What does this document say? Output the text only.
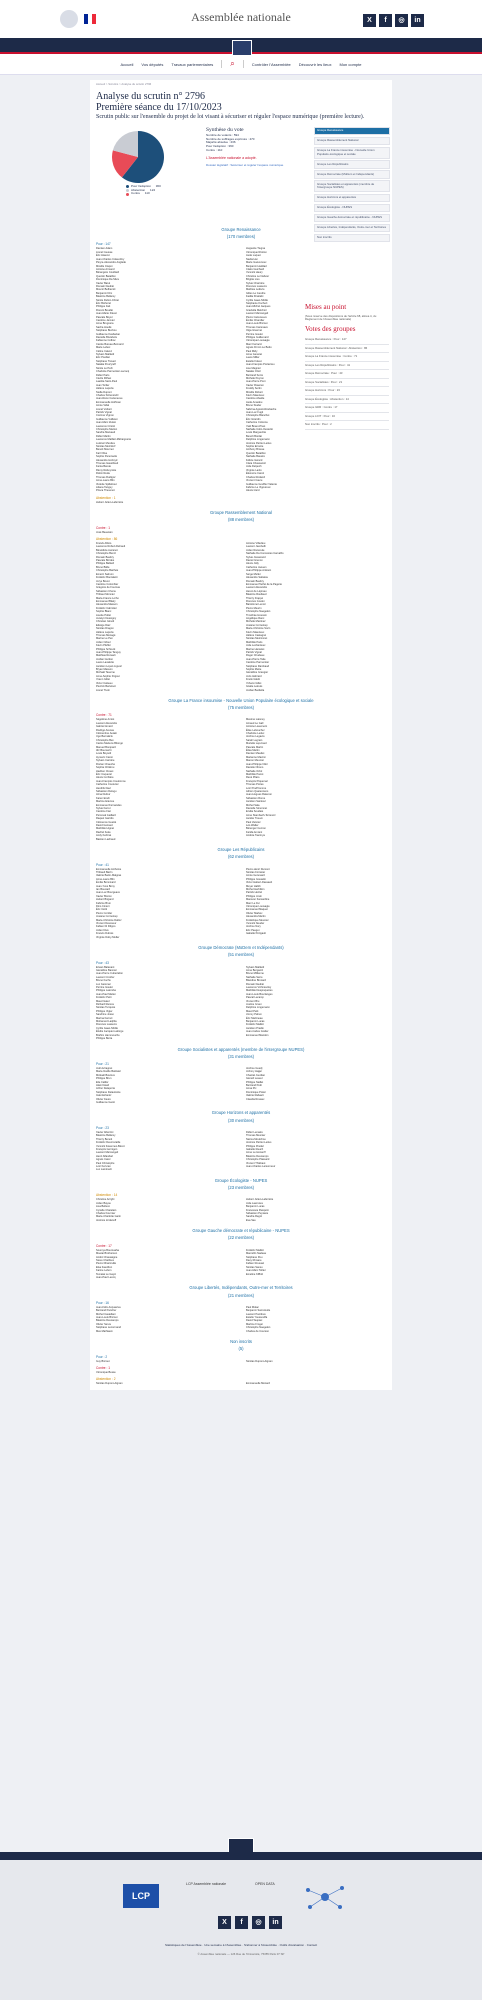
Assemblée nationale	X	f	◎	in
Accueil Vos députés Travaux parlementaires ⌕	Contrôler l'Assemblée Découvrir les lieux Mon compte
Accueil > Scrutins > Analyse du scrutin 2796
Analyse du scrutin n° 2796
Première séance du 17/10/2023
Scrutin public sur l'ensemble du projet de loi visant à sécuriser et réguler l'espace numérique (première lecture).
Pour l'adoption
360
Abstention
124
Contre
110
Synthèse du vote
Nombre de votants : 594
Nombre de suffrages exprimés : 470
Majorité absolue : 236
Pour l'adoption : 360
Contre : 110
L'Assemblée nationale a adopté.
Dossier législatif : Sécuriser et réguler l'espace numérique
Groupe Renaissance
Groupe Rassemblement National
Groupe La France insoumise - Nouvelle Union Populaire écologique et sociale
Groupe Les Républicains
Groupe Démocrate (MoDem et Indépendants)
Groupe Socialistes et apparentés (membre de l'intergroupe NUPES)
Groupe Horizons et apparentés
Groupe Écologiste - NUPES
Groupe Gauche démocrate et républicaine - NUPES
Groupe Libertés, Indépendants, Outre-mer et Territoires
Non inscrits
Groupe Renaissance
(170 membres)
Pour : 147
Damien Adam
Lionel Causse
Éric Alauzet
Jean-Charles Colas-Roy
Pieyre-Alexandre Anglade
Mireille Clapot
Antoine Armand
Bérangère Couillard
Quentin Bataillon
Dominique Da Silva
Xavier Batut
Romain Daubié
Mounir Belhamiti
Benjamin Dirx
Béatrice Bellamy
Nicole Dubré-Chirat
Éric Bothorel
Philippe Fait
Florent Boudié
Jean-Marie Fiévet
Pascale Boyer
Caroline Janvier
Anne Brugnera
Sacha Houlié
Stéphane Buchou
Guillaume Kasbarian
Danielle Brulebois
Fabienne Colboc
Carole Bureau-Bonnard
Marie Lebec
Céline Calvez
Sylvain Maillard
Eric Poulliat
Stéphane Travert
Natalia Pouzyreff
Nicole Le Peih
Charlotte Parmentier-Lecocq
Didier Paris
Cécile Rilhac
Laetitia Saint-Paul
Jean Terlier
Hélène Laporte
Stella Dupont
Charles Sitzenstuhl
Jean-René Cazeneuve
Emmanuelle Hoffman
Annie Vidal
Lionel Vuibert
Patrick Vignal
Corinne Vignon
Guillaume Vuilletet
Jean-Marc Zulesi
Laurence Cristol
Christophe Marion
Sandra Marsaud
Didier Martin
Laurence Maillart-Méhaignerie
Ludovic Mendes
Nicolas Metzdorf
Benoit Mournet
Karl Olive
Sophie Panonacle
Alexandre Holroyd
Thomas Gassilloud
Fanta Berete
Rémy Rebeyrotte
Robin Reda
Thomas Rudigoz
Anne-Laure Blin
Violette Spillebout
Liliana Tanguy
Prisca Thevenot
Huguette Tiegna
Véronique Riotton
Aude Luquet
Nadia Hai
Marie Guévenoux
Benjamin Haddad
Claire Guichard
Yannick Haury
Christine Le Nabour
Brigitte Liso
Sylvie Charrière
Florence Lasserre
Mathieu Lefèvre
Gilles Le Gendre
Fadila Khattabi
Cyrille Isaac-Sibille
Stéphanie Kochert
Jean-Michel Jacques
Graziella Melchior
Laurent Marcangeli
Pierre Cazeneuve
Émilie Chandler
Jean-Louis Bricout
Thomas Cazenave
Olga Givernet
Perrine Goulet
Philippe Guillemard
Véronique Louwagie
Marc Ferracci
Agnès Firmin Le Bodo
Paul Midy
Anne Genetet
Laure Miller
Estelle Folest
Jean-François Portarrieu
Lise Magnier
Natalie Oziol
Bertrand Sorre
Michèle Peyron
Jean-Pierre Pont
Xavier Roseren
Freddy Sertin
Mireille Robert
Kévin Mauvieux
Caroline Abadie
Aude Amadou
Bruno Studer
Sabrina Agresti-Roubache
Jean-Luc Fugit
Christophe Blanchet
Éric Girardin
Catherine Colonna
Yaël Braun-Pivet
Nathalie Colin-Oesterlé
Louis Margueritte
Benoît Bordat
Delphine Lingemann
Jérémie Patrier-Leitus
Sophie Errante
Anthony Brosse
Quentin Bataillon
Nathalie Bassire
Félicie Gérard
Clara Chassaniol
Julie Delpech
Virginie Lanlo
Éléonore Caroit
Charles Rodwell
Vincent Caure
Guillaume Gouffier Valente
Fabrice Le Vigoureux
Alexis Izard
Abstention : 1
Hubert Julien-Laferrière
Groupe Rassemblement National
(88 membres)
Contre : 1
José Beaurain
Abstention : 86
Franck Allisio
Laurence Robert-Dehault
Bénédicte Auzanot
Christophe Bentz
Romain Baubry
Pascale Bordes
Philippe Ballard
Bruno Bilde
Christophe Barthès
Emeric Salmon
Frédéric Boccaletti
Jorys Bovet
Caroline Colombier
Grégoire de Fournas
Sébastien Chenu
Thibaut Monnier
Marie-France Lorho
Emmanuel Blairy
Alexandra Masson
Frédéric Cabrolier
Sophie Blanc
Lisette Pollet
Jocelyn Dessigny
Christian Girard
Edwige Diaz
Nicolas Dragon
Hélène Laporte
Thomas Ménagé
Marine Le Pen
Julien Odoul
Kévin Pfeffer
Philippe Schreck
Jean-Philippe Tanguy
Matthias Renault
Jordan Guitton
Laure Lavalette
Aurélien Lopez-Liguori
Bryan Masson
Michaël Taverne
Anne-Sophie Frigout
Yoann Gillet
Victor Catteau
Pierrick Berteloot
Lionel Tivoli
Antoine Villedieu
Laurent Jacobelli
Julien Rancoule
Nathalie Da Conceicao Carvalho
Sylvie Josserand
Daniel Grenon
Alexis Jolly
Catherine Jaouen
Jean-Philippe Ardouin
Serge Muller
Alexandre Sabatou
Romain Baubry
Emmanuel Taché de la Pagerie
Laurent Alexandre
Hervé de Lépinau
Béatrice Roullaud
Thierry Frappé
Florence Goulet
Bartolomé Lenoir
Pierre Meurin
Christophe Naegelen
Timothée Houssin
Angélique Ranc
Michèle Martinez
Josiane Corneloup
Marie-Christine Sorin
Kévin Mauvieux
Hélène Castagné
Nicolas Meizonnet
Mathilde Paris
Julie Lechanteux
Marine Hamelet
Patrick Vignal
Roger Chudeau
Jean-Pierre Taite
Caroline Parmentier
Stéphane Rambaud
Sophie Mette
Géraldine Grangier
Joris Hébrard
Frank Giletti
Yohann Gillet
Gisèle Lelouis
Jordan Bardella
Groupe La France insoumise - Nouvelle Union Populaire écologique et sociale
(75 membres)
Contre : 71
Ségolène Amiot
Laurent Alexandre
Gabriel Amard
Rodrigo Arenas
Clémentine Autain
Ugo Bernalicis
Christophe Bex
Carlos Martens Bilongo
Manuel Bompard
Idir Boumertit
Louis Boyard
Aymeric Caron
Sylvain Carrière
Florian Chauche
Sophia Chikirou
Hadrien Clouet
Éric Coquerel
Alexis Corbière
Jean-François Coulomme
Catherine Couturier
Hendrik Davi
Sébastien Delogu
Alma Dufour
Karen Erodi
Martine Etienne
Emmanuel Fernandes
Sylvie Ferrer
Caroline Fiat
Perceval Gaillard
Raquel Garrido
Clémence Guetté
David Guiraud
Mathilde Hignet
Rachel Keke
Andy Kerbrat
Bastien Lachaud
Maxime Laisney
Arnaud Le Gall
Antoine Léaument
Élise Leboucher
Charlotte Leduc
Jérôme Legavre
Sarah Legrain
Murielle Lepvraud
Pascale Martin
Élisa Martin
Damien Maudet
Marianne Maximi
Manon Meunier
Jean-Philippe Nilor
Danièle Obono
Nathalie Oziol
Mathilde Panot
René Pilato
François Piquemal
Thomas Portes
Loïc Prud'homme
Adrien Quatennens
Jean-Hugues Ratenon
Sébastien Rome
Aurélien Saintoul
Michel Sala
Danielle Simonnet
Ersilia Soudais
Anne Stambach-Terrenoir
Aurélie Trouvé
Paul Vannier
Léo Walter
Bérenger Cernon
Farida Amrani
Andrée Taurinya
Groupe Les Républicains
(62 membres)
Pour : 41
Emmanuelle Anthoine
Thibault Bazin
Valérie Bazin-Malgras
Anne-Laure Blin
Émilie Bonnivard
Jean-Yves Bony
Ian Boucard
Jean-Luc Bourgeaux
Xavier Breton
Hubert Brigand
Fabrice Brun
Dino Cinieri
Éric Ciotti
Pierre Cordier
Josiane Corneloup
Marie-Christine Dalloz
Vincent Descoeur
Fabien Di Filippo
Julien Dive
Francis Dubois
Virginie Duby-Muller
Pierre-Henri Dumont
Nicolas Forissier
Annie Genevard
Philippe Gosselin
Victor Habert-Dassault
Meyer Habib
Michel Herbillon
Patrick Hetzel
Philippe Juvin
Mansour Kamardine
Marc Le Fur
Véronique Louwagie
Emmanuel Maquet
Olivier Marleix
Alexandra Martin
Frédérique Meunier
Yannick Neuder
Jérôme Nury
Eric Pauget
Isabelle Périgault
Groupe Démocrate (MoDem et Indépendants)
(51 membres)
Pour : 43
Erwan Balanant
Géraldine Bannier
Jean-Pierre Cubertafon
Laurent Croizier
Bruno Fuchs
Luc Geismar
Perrine Goulet
Philippe Latombe
Jean-Paul Mattei
Frédéric Petit
Maud Gatel
Richard Ramos
Nicolas Turquois
Philippe Vigier
Sandrine Josso
Marina Ferrari
Mohamed Laqhila
Florence Lasserre
Cyrille Isaac-Sibille
Élodie Jacquier-Laforge
Brahim Hammouche
Philippe Berta
Sylvain Maillard
Anne Bergantz
Bruno Millienne
Nathalie Serre
Blandine Brocard
Romain Daubié
Laurence Vichnievsky
Mathilde Desjonquères
Jean-Louis Bourlanges
Pascal Lecamp
Vincent Bru
Justine Gruet
Delphine Lingemann
Maud Petit
Jimmy Pahun
Éric Martineau
Benjamin Lucas
Frédéric Maillot
Aurélien Pradié
Jean-Carles Grelier
Emmanuel Mandon
Groupe Socialistes et apparentés (membre de l'intergroupe NUPES)
(31 membres)
Pour : 21
Joël Aviragnet
Marie-Noëlle Battistel
Mickaël Bouloux
Philippe Brun
Elie Califer
Alain David
Arthur Delaporte
Stéphane Delautrette
Inaki Echaniz
Olivier Faure
Guillaume Garot
Jérôme Guedj
Johnny Hajjar
Chantal Jourdan
Gérard Leseul
Philippe Naillet
Bertrand Petit
Anna Pic
Dominique Potier
Valérie Rabault
Claudia Rouaux
Groupe Horizons et apparentés
(30 membres)
Pour : 23
Xavier Albertini
Béatrice Bellamy
Thierry Benoit
Frédéric Descrozaille
Yannick Favennec-Bécot
François Gernigon
Laurent Marcangeli
Henri Alfandari
Agnès Carel
Paul Christophe
Loïc Kervran
Luc Lamirault
Didier Lemaire
Thomas Mesnier
Naïma Moutchou
Jérémie Patrier-Leitus
Philippe Pradal
Isabelle Rauch
Anne Le Hénanff
Béatrice Descamps
Christophe Plassard
Vincent Thiébaut
Jean-Charles Larsonneur
Groupe Écologiste - NUPES
(23 membres)
Abstention : 14
Christine Arrighi
Julien Bayou
Lisa Belluco
Cyrielle Chatelain
Charles Fournier
Marie-Charlotte Garin
Jérémie Iordanoff
Hubert Julien-Laferrière
Julie Laernoes
Benjamin Lucas
Francesca Pasquini
Sébastien Peytavie
Sandra Regol
Eva Sas
Groupe Gauche démocrate et républicaine - NUPES
(22 membres)
Contre : 17
Soumya Bourouaha
Moetai Brotherson
André Chassaigne
Steve Chailloux
Pierre Dharréville
Elsa Faucillon
Karine Lebon
Tematai Le Gayic
Jean-Paul Lecoq
Frédéric Maillot
Marcellin Nadeau
Stéphane Peu
Davy Rimane
Fabien Roussel
Nicolas Sansu
Jean-Marc Tellier
Emeline K/Bidi
Groupe Libertés, Indépendants, Outre-mer et Territoires
(21 membres)
Pour : 16
Jean-Félix Acquaviva
Bertrand Pancher
Michel Castellani
Jean-Louis Bricout
Béatrice Descamps
Olivier Serva
Stéphane Lenormand
Max Mathiasin
Paul Molac
Benjamin Saint-Huile
Laurent Panifous
Estelle Youssouffa
David Taupiac
Martine Froger
Christophe Naegelen
Charles de Courson
Non inscrits
(5)
Pour : 2
Guy Bricout	Nicolas Dupont-Aignan
Contre : 1
Véronique Besse
Abstention : 2
Nicolas Dupont-Aignan	Emmanuelle Ménard
Mises au point
(Sous réserve des dispositions de l'article 68, alinéa 4, du Règlement de l'Assemblée nationale)
Votes des groupes
Groupe Renaissance : Pour : 147
Groupe Rassemblement National : Abstention : 86
Groupe La France insoumise : Contre : 71
Groupe Les Républicains : Pour : 41
Groupe Démocrate : Pour : 43
Groupe Socialistes : Pour : 21
Groupe Horizons : Pour : 23
Groupe Écologiste : Abstention : 14
Groupe GDR : Contre : 17
Groupe LIOT : Pour : 16
Non inscrits : Pour : 2
LCP
LCP Assemblée nationale	OPEN DATA
X	f	◎	in
Statistiques de l'Assemblée · Une semaine à l'Assemblée · S'abonner à l'Assemblée · Outils d'évaluation · Contact
© Assemblée nationale — 126 Rue de l'Université, 75355 Paris 07 SP
